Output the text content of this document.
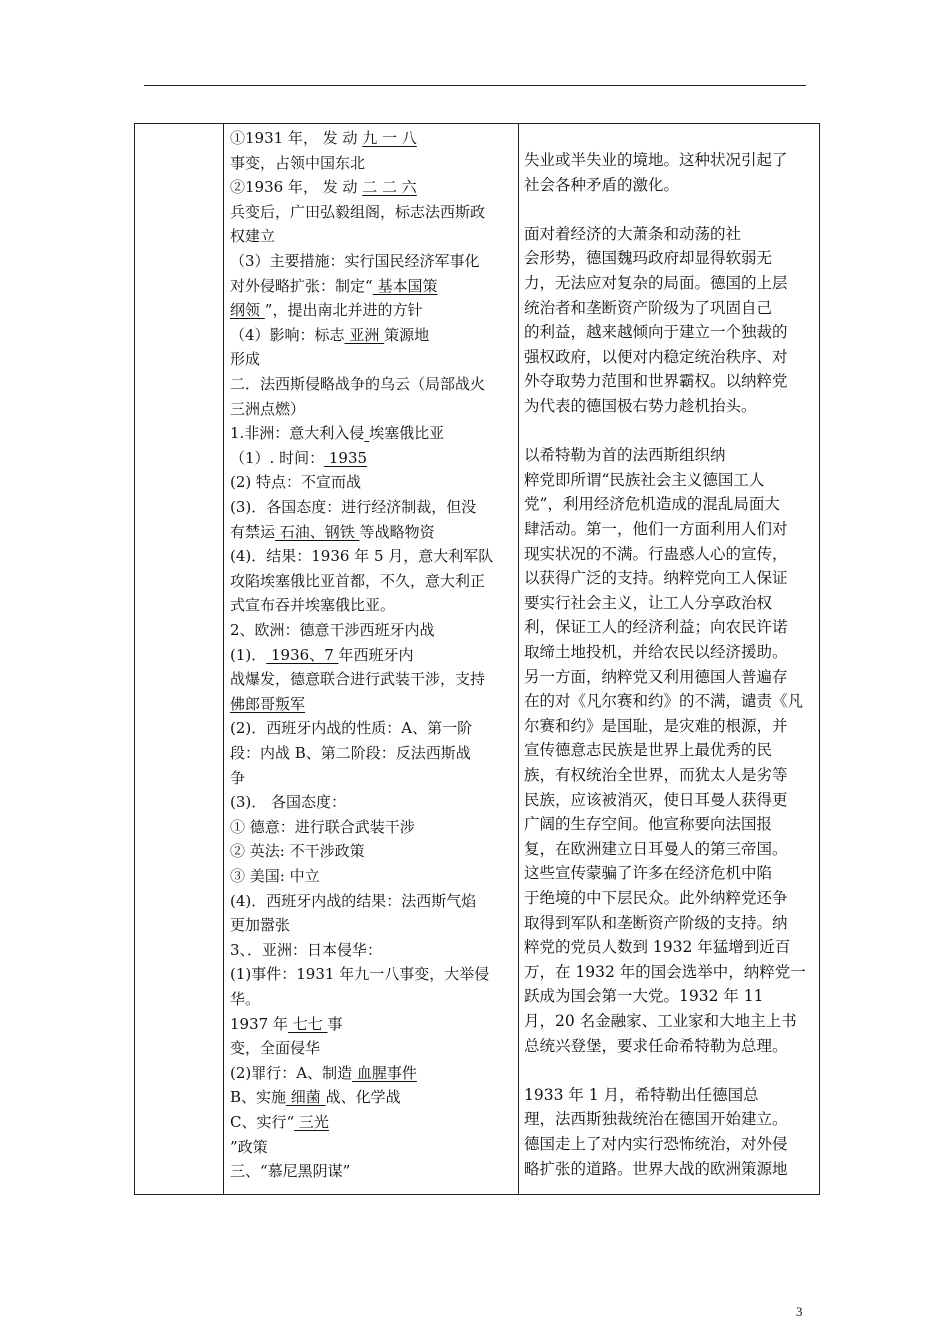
①1931 年， 发 动 九 一 八
事变，占领中国东北
②1936 年， 发 动 二 二 六
兵变后，广田弘毅组阁，标志法西斯政
权建立
（3）主要措施：实行国民经济军事化
对外侵略扩张：制定“ 基本国策
纲领 ”，提出南北并进的方针
（4）影响：标志 亚洲 策源地
形成
二．法西斯侵略战争的乌云（局部战火
三洲点燃）
1.非洲：意大利入侵 埃塞俄比亚
（1）. 时间： 1935
(2) 特点：不宣而战
(3)．各国态度：进行经济制裁，但没
有禁运 石油、钢铁 等战略物资
(4)．结果：1936 年 5 月，意大利军队
攻陷埃塞俄比亚首都，不久，意大利正
式宣布吞并埃塞俄比亚。
2、欧洲：德意干涉西班牙内战
(1)． 1936、7 年西班牙内
战爆发，德意联合进行武装干涉，支持
佛郎哥叛军
(2)．西班牙内战的性质：A、第一阶
段：内战 B、第二阶段：反法西斯战
争
(3)． 各国态度：
① 德意：进行联合武装干涉
② 英法: 不干涉政策
③ 美国: 中立
(4)．西班牙内战的结果：法西斯气焰
更加嚣张
3、．亚洲：日本侵华：
(1)事件：1931 年九一八事变，大举侵
华。
1937 年 七七 事
变，全面侵华
(2)罪行：A、制造 血腥事件
B、实施 细菌 战、化学战
C、实行“ 三光
”政策
三、“慕尼黑阴谋”

失业或半失业的境地。这种状况引起了
社会各种矛盾的激化。
面对着经济的大萧条和动荡的社
会形势，德国魏玛政府却显得软弱无
力，无法应对复杂的局面。德国的上层
统治者和垄断资产阶级为了巩固自己
的利益，越来越倾向于建立一个独裁的
强权政府，以便对内稳定统治秩序、对
外夺取势力范围和世界霸权。以纳粹党
为代表的德国极右势力趁机抬头。
以希特勒为首的法西斯组织纳
粹党即所谓“民族社会主义德国工人
党”，利用经济危机造成的混乱局面大
肆活动。第一，他们一方面利用人们对
现实状况的不满。行蛊惑人心的宣传，
以获得广泛的支持。纳粹党向工人保证
要实行社会主义，让工人分享政治权
利，保证工人的经济利益；向农民许诺
取缔土地投机，并给农民以经济援助。
另一方面，纳粹党又利用德国人普遍存
在的对《凡尔赛和约》的不满，谴责《凡
尔赛和约》是国耻，是灾难的根源，并
宣传德意志民族是世界上最优秀的民
族，有权统治全世界，而犹太人是劣等
民族，应该被消灭，使日耳曼人获得更
广阔的生存空间。他宣称要向法国报
复，在欧洲建立日耳曼人的第三帝国。
这些宣传蒙骗了许多在经济危机中陷
于绝境的中下层民众。此外纳粹党还争
取得到军队和垄断资产阶级的支持。纳
粹党的党员人数到 1932 年猛增到近百
万，在 1932 年的国会选举中，纳粹党一
跃成为国会第一大党。1932 年 11
月，20 名金融家、工业家和大地主上书
总统兴登堡，要求任命希特勒为总理。
1933 年 1 月，希特勒出任德国总
理，法西斯独裁统治在德国开始建立。
德国走上了对内实行恐怖统治，对外侵
略扩张的道路。世界大战的欧洲策源地
3
